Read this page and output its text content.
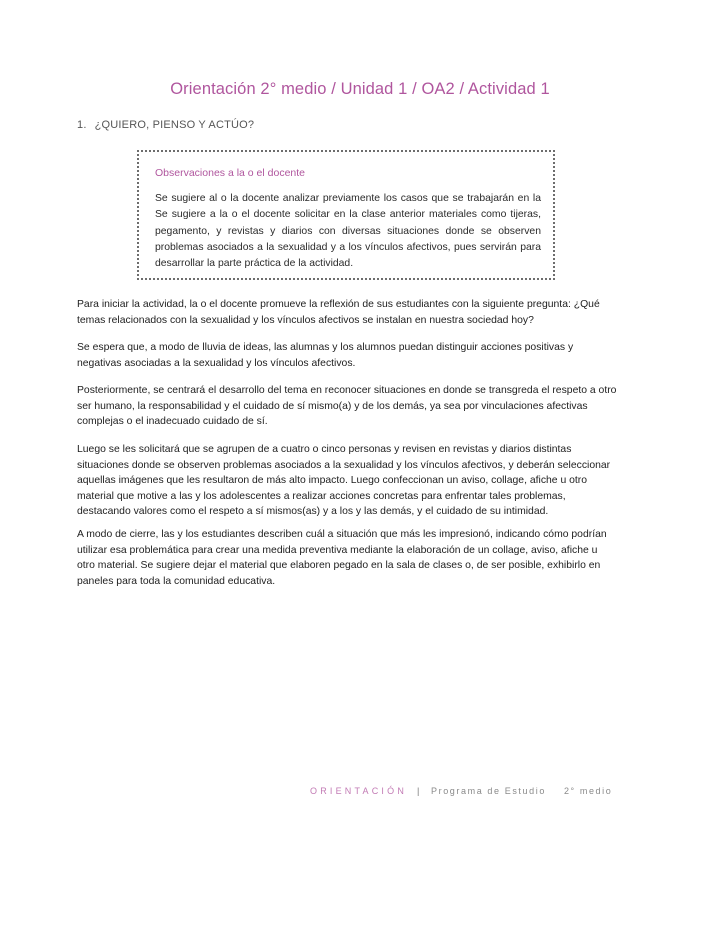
Orientación 2° medio / Unidad 1 / OA2 / Actividad 1
1. ¿QUIERO, PIENSO Y ACTÚO?
Observaciones a la o el docente
Se sugiere al o la docente analizar previamente los casos que se trabajarán en la Se sugiere a la o el docente solicitar en la clase anterior materiales como tijeras, pegamento, y revistas y diarios con diversas situaciones donde se observen problemas asociados a la sexualidad y a los vínculos afectivos, pues servirán para desarrollar la parte práctica de la actividad.

Para iniciar la actividad, la o el docente promueve la reflexión de sus estudiantes con la siguiente pregunta: ¿Qué temas relacionados con la sexualidad y los vínculos afectivos se instalan en nuestra sociedad hoy?

Se espera que, a modo de lluvia de ideas, las alumnas y los alumnos puedan distinguir acciones positivas y negativas asociadas a la sexualidad y los vínculos afectivos.

Posteriormente, se centrará el desarrollo del tema en reconocer situaciones en donde se transgreda el respeto a otro ser humano, la responsabilidad y el cuidado de sí mismo(a) y de los demás, ya sea por vinculaciones afectivas complejas o el inadecuado cuidado de sí.

Luego se les solicitará que se agrupen de a cuatro o cinco personas y revisen en revistas y diarios distintas situaciones donde se observen problemas asociados a la sexualidad y los vínculos afectivos, y deberán seleccionar aquellas imágenes que les resultaron de más alto impacto. Luego confeccionan un aviso, collage, afiche u otro material que motive a las y los adolescentes a realizar acciones concretas para enfrentar tales problemas, destacando valores como el respeto a sí mismos(as) y a los y las demás, y el cuidado de su intimidad.

A modo de cierre, las y los estudiantes describen cuál a situación que más les impresionó, indicando cómo podrían utilizar esa problemática para crear una medida preventiva mediante la elaboración de un collage, aviso, afiche u otro material. Se sugiere dejar el material que elaboren pegado en la sala de clases o, de ser posible, exhibirlo en paneles para toda la comunidad educativa.

ORIENTACIÓN | Programa de Estudio 2° medio
